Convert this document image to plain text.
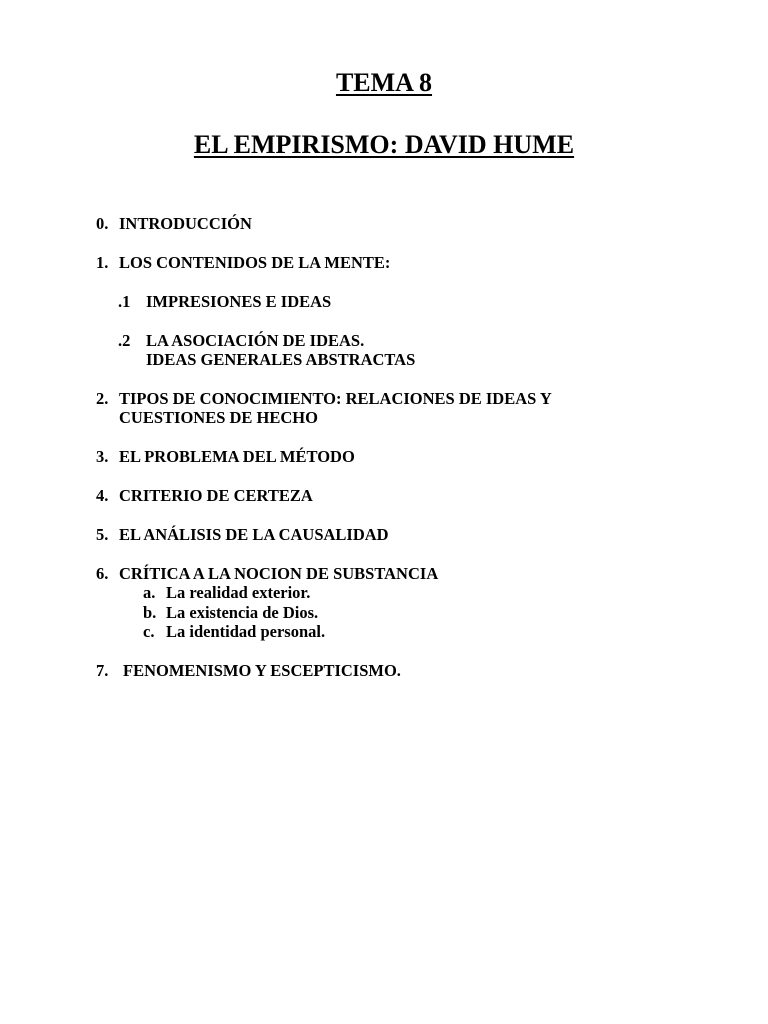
TEMA 8
EL EMPIRISMO: DAVID HUME
0. INTRODUCCIÓN
1. LOS CONTENIDOS DE LA MENTE:
.1 IMPRESIONES E IDEAS
.2 LA ASOCIACIÓN DE IDEAS.
IDEAS GENERALES ABSTRACTAS
2. TIPOS DE CONOCIMIENTO: RELACIONES DE IDEAS Y
CUESTIONES DE HECHO
3. EL PROBLEMA DEL MÉTODO
4. CRITERIO DE CERTEZA
5. EL ANÁLISIS DE LA CAUSALIDAD
6. CRÍTICA A LA NOCION DE SUBSTANCIA
a. La realidad exterior.
b. La existencia de Dios.
c. La identidad personal.
7. FENOMENISMO Y ESCEPTICISMO.
